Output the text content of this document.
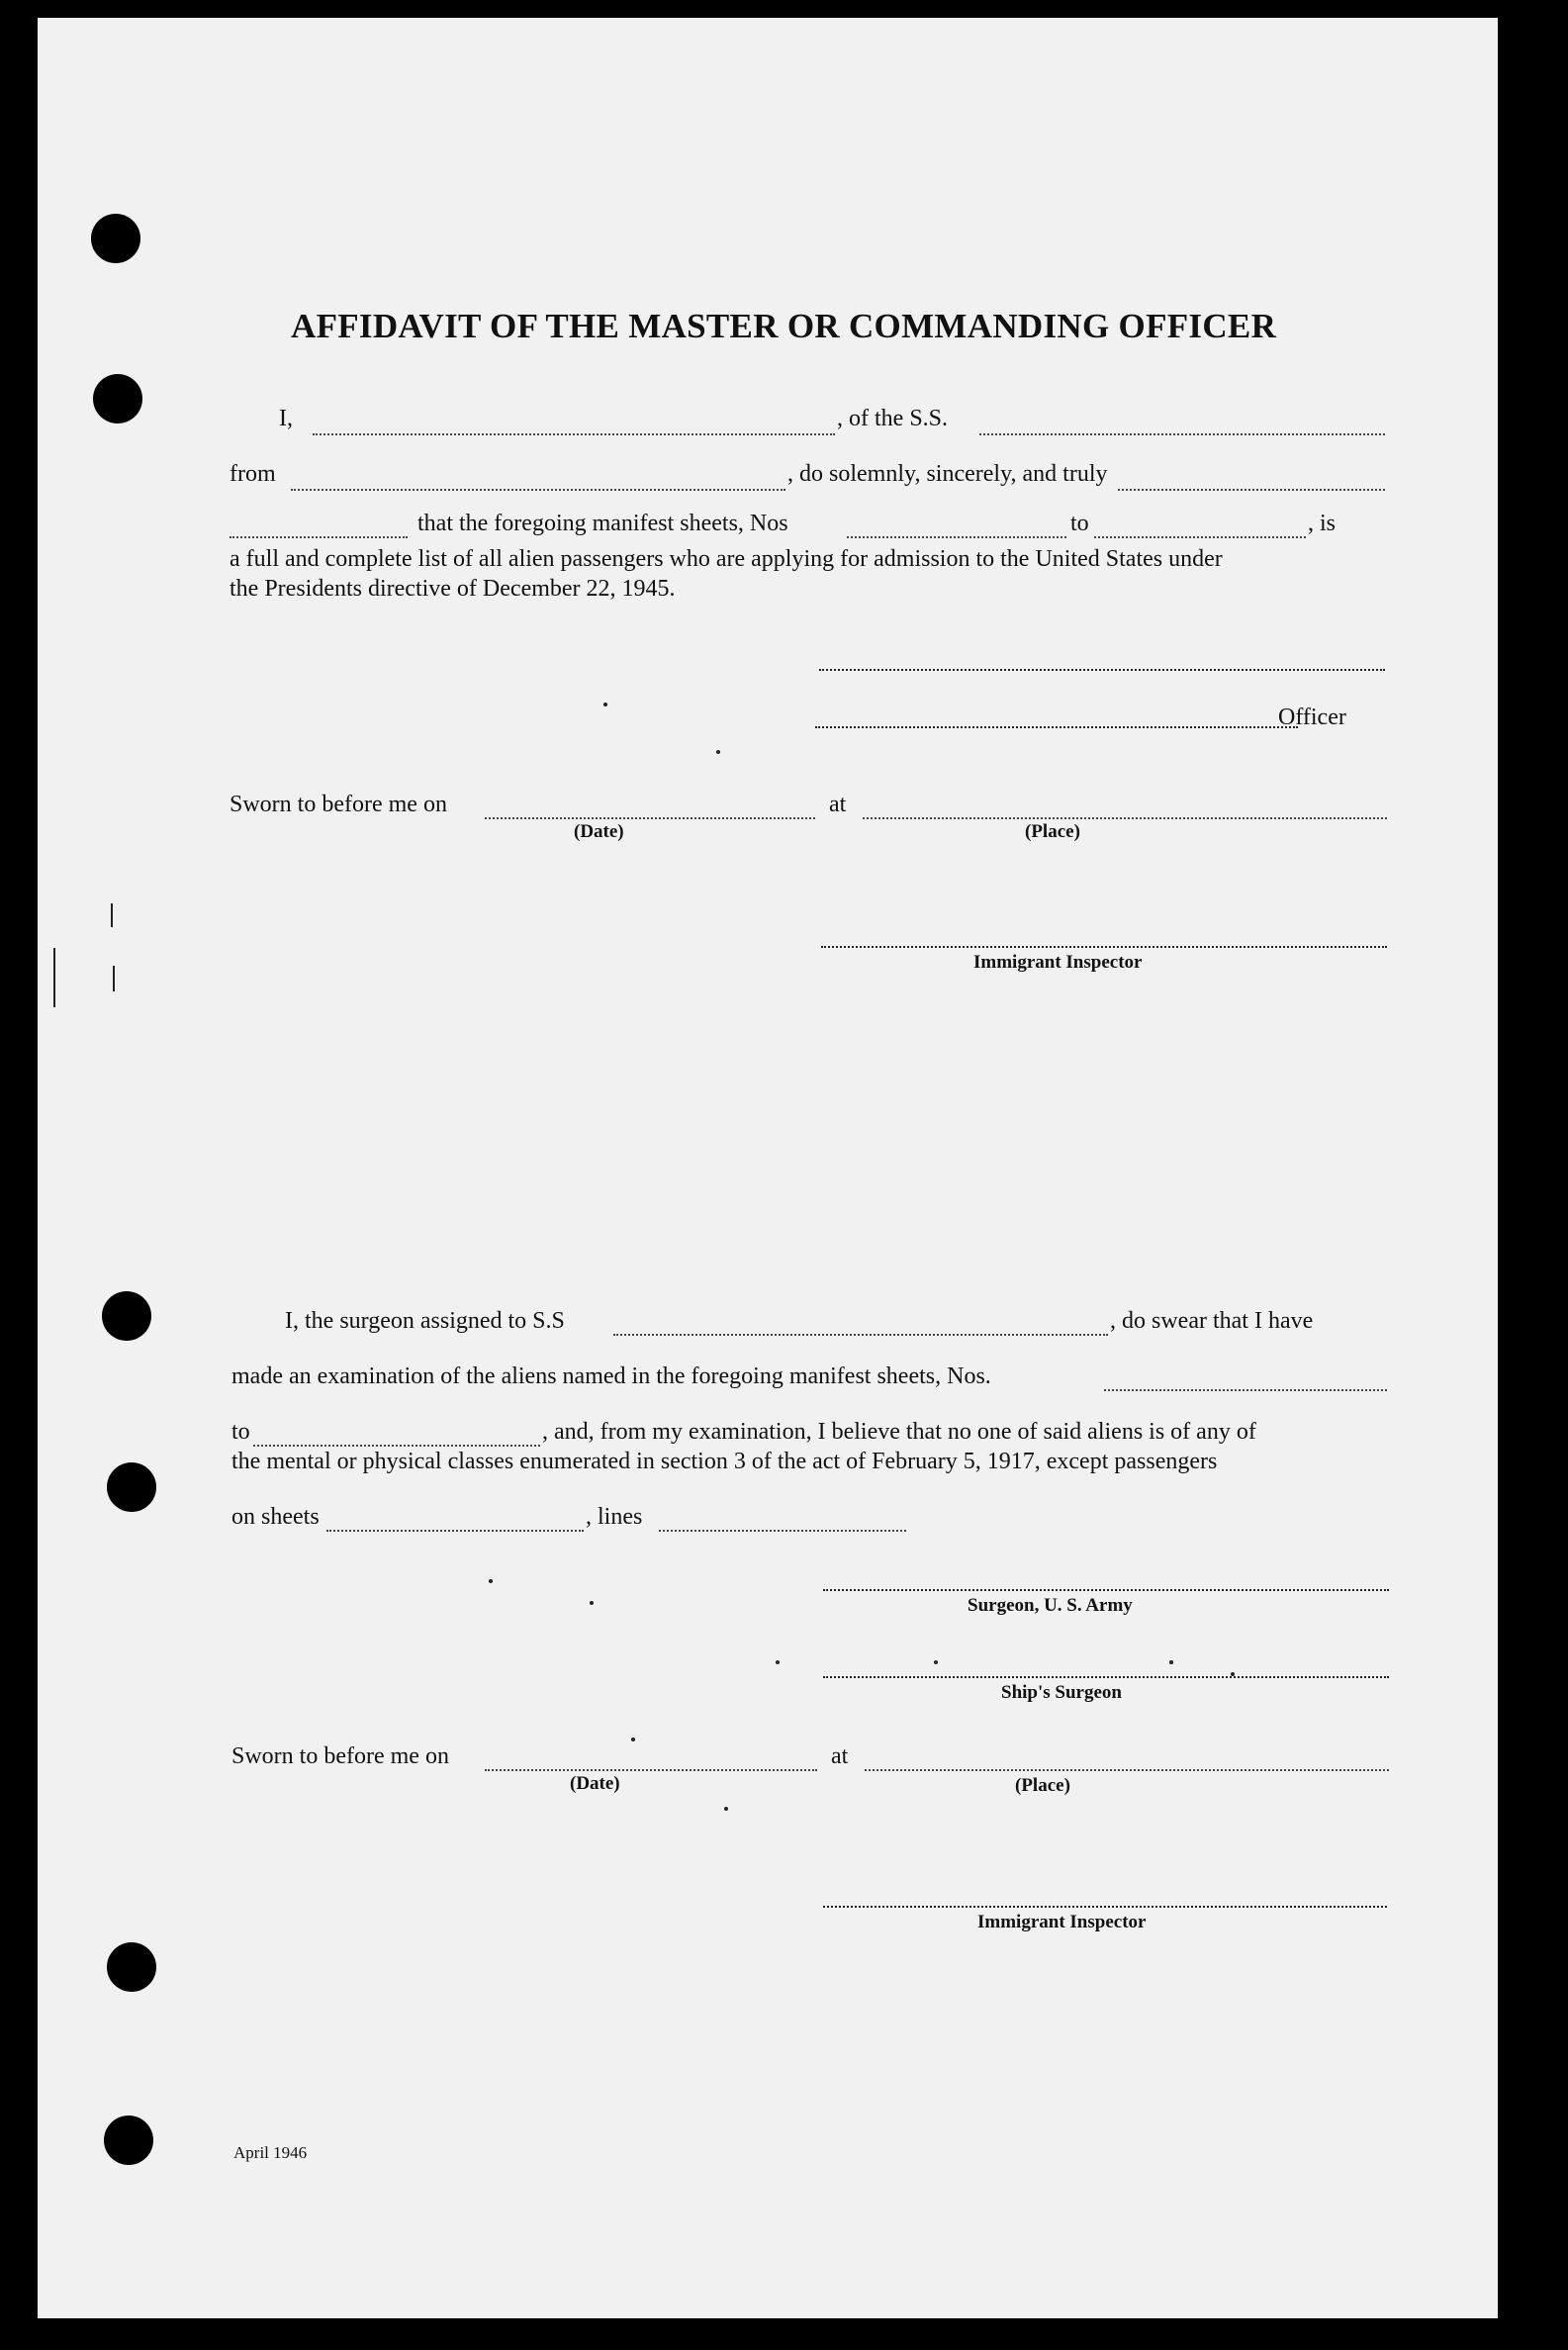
AFFIDAVIT OF THE MASTER OR COMMANDING OFFICER
I,	, of the S.S.
from	, do solemnly, sincerely, and truly
that the foregoing manifest sheets, Nos	to	, is
a full and complete list of all alien passengers who are applying for admission to the United States under
the Presidents directive of December 22, 1945.
Officer
Sworn to before me on	at
(Date)	(Place)
Immigrant Inspector
I, the surgeon assigned to S.S	, do swear that I have
made an examination of the aliens named in the foregoing manifest sheets, Nos.
to	, and, from my examination, I believe that no one of said aliens is of any of
the mental or physical classes enumerated in section 3 of the act of February 5, 1917, except passengers
on sheets	, lines
Surgeon, U. S. Army
Ship's Surgeon
Sworn to before me on	at
(Date)	(Place)
Immigrant Inspector
April 1946
